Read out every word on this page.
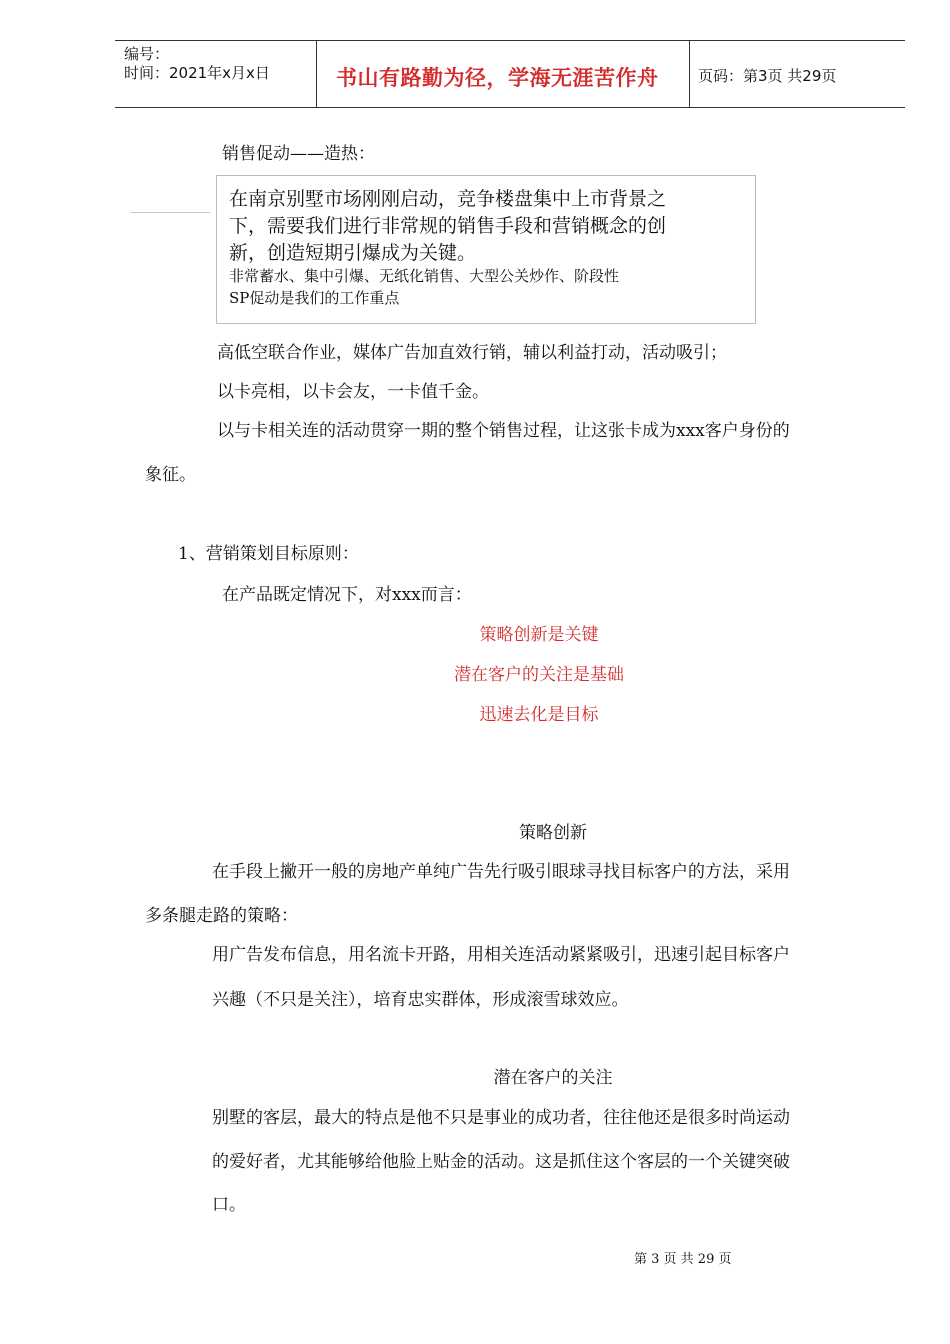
编号：
时间：2021年x月x日	书山有路勤为径，学海无涯苦作舟	页码：第3页 共29页
销售促动——造热：
在南京别墅市场刚刚启动，竞争楼盘集中上市背景之
下，需要我们进行非常规的销售手段和营销概念的创
新，创造短期引爆成为关键。
非常蓄水、集中引爆、无纸化销售、大型公关炒作、阶段性
SP促动是我们的工作重点
高低空联合作业，媒体广告加直效行销，辅以利益打动，活动吸引；
以卡亮相，以卡会友，一卡值千金。
以与卡相关连的活动贯穿一期的整个销售过程，让这张卡成为xxx客户身份的
象征。
1、营销策划目标原则：
在产品既定情况下，对xxx而言：
策略创新是关键
潜在客户的关注是基础
迅速去化是目标
策略创新
在手段上撇开一般的房地产单纯广告先行吸引眼球寻找目标客户的方法，采用
多条腿走路的策略：
用广告发布信息，用名流卡开路，用相关连活动紧紧吸引，迅速引起目标客户
兴趣（不只是关注），培育忠实群体，形成滚雪球效应。
潜在客户的关注
别墅的客层，最大的特点是他不只是事业的成功者，往往他还是很多时尚运动
的爱好者，尤其能够给他脸上贴金的活动。这是抓住这个客层的一个关键突破
口。
第 3 页 共 29 页
